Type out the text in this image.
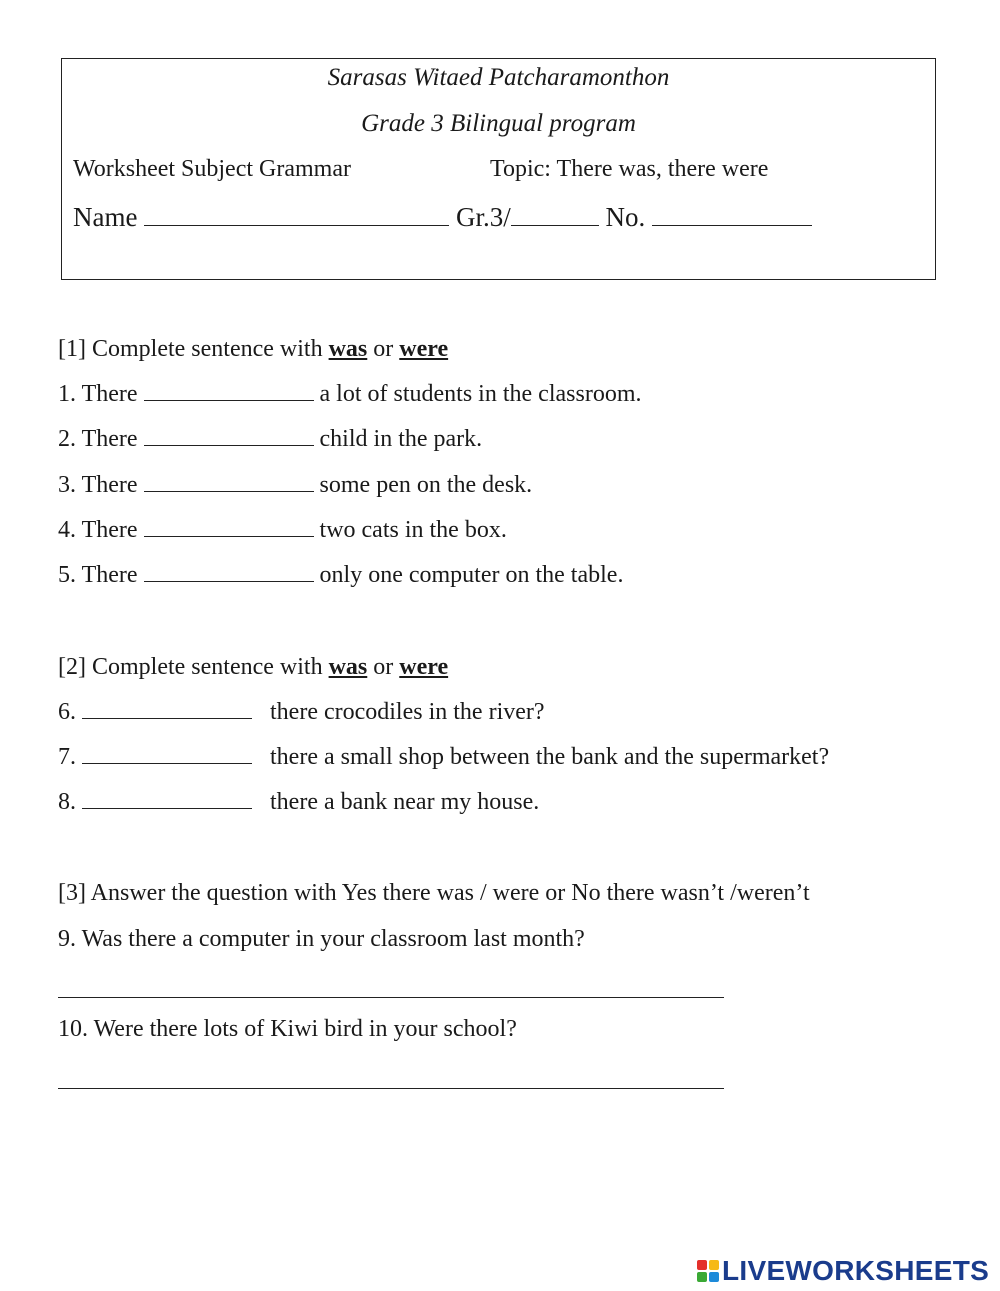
Sarasas Witaed Patcharamonthon
Grade 3 Bilingual program
Worksheet Subject Grammar	Topic: There was, there were
Name	Gr.3/	No.
[1] Complete sentence with was or were
1. There	a lot of students in the classroom.
2. There	child in the park.
3. There	some pen on the desk.
4. There	two cats in the box.
5. There	only one computer on the table.
[2] Complete sentence with was or were
6.	there crocodiles in the river?
7.	there a small shop between the bank and the supermarket?
8.	there a bank near my house.
[3] Answer the question with Yes there was / were or No there wasn’t /weren’t
9. Was there a computer in your classroom last month?
10. Were there lots of Kiwi bird in your school?
LIVEWORKSHEETS
